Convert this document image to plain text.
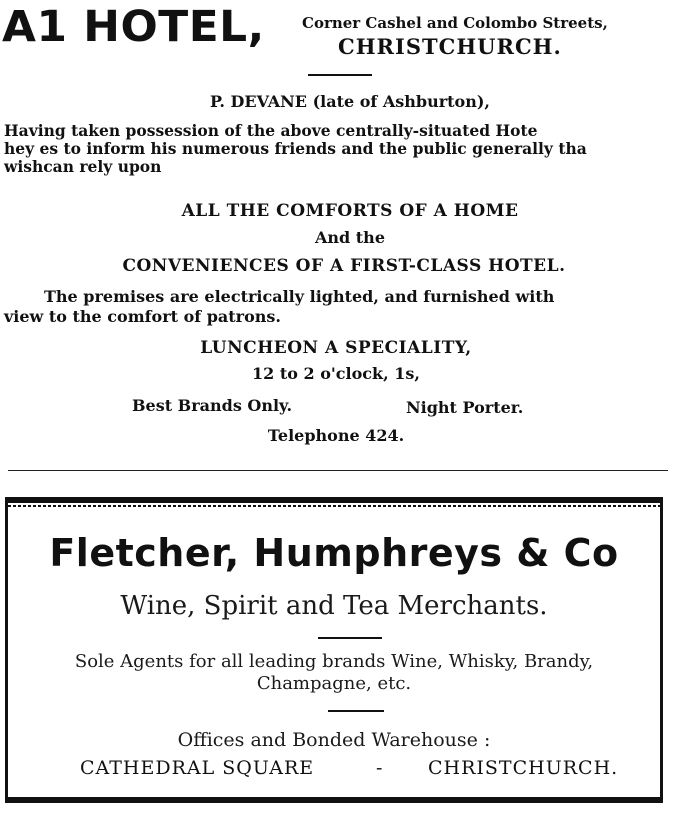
A1 HOTEL, Corner Cashel and Colombo Streets,
CHRISTCHURCH.
P. DEVANE (late of Ashburton),
Having taken possession of the above centrally-situated Hote
hey es to inform his numerous friends and the public generally tha
wishcan rely upon
ALL THE COMFORTS OF A HOME
And the
CONVENIENCES OF A FIRST-CLASS HOTEL.
The premises are electrically lighted, and furnished with
view to the comfort of patrons.
LUNCHEON A SPECIALITY,
12 to 2 o'clock, 1s,
Best Brands Only.	Night Porter.
Telephone 424.
Fletcher, Humphreys & Co
Wine, Spirit and Tea Merchants.
Sole Agents for all leading brands Wine, Whisky, Brandy,
Champagne, etc.
Offices and Bonded Warehouse :
CATHEDRAL SQUARE	- CHRISTCHURCH.
